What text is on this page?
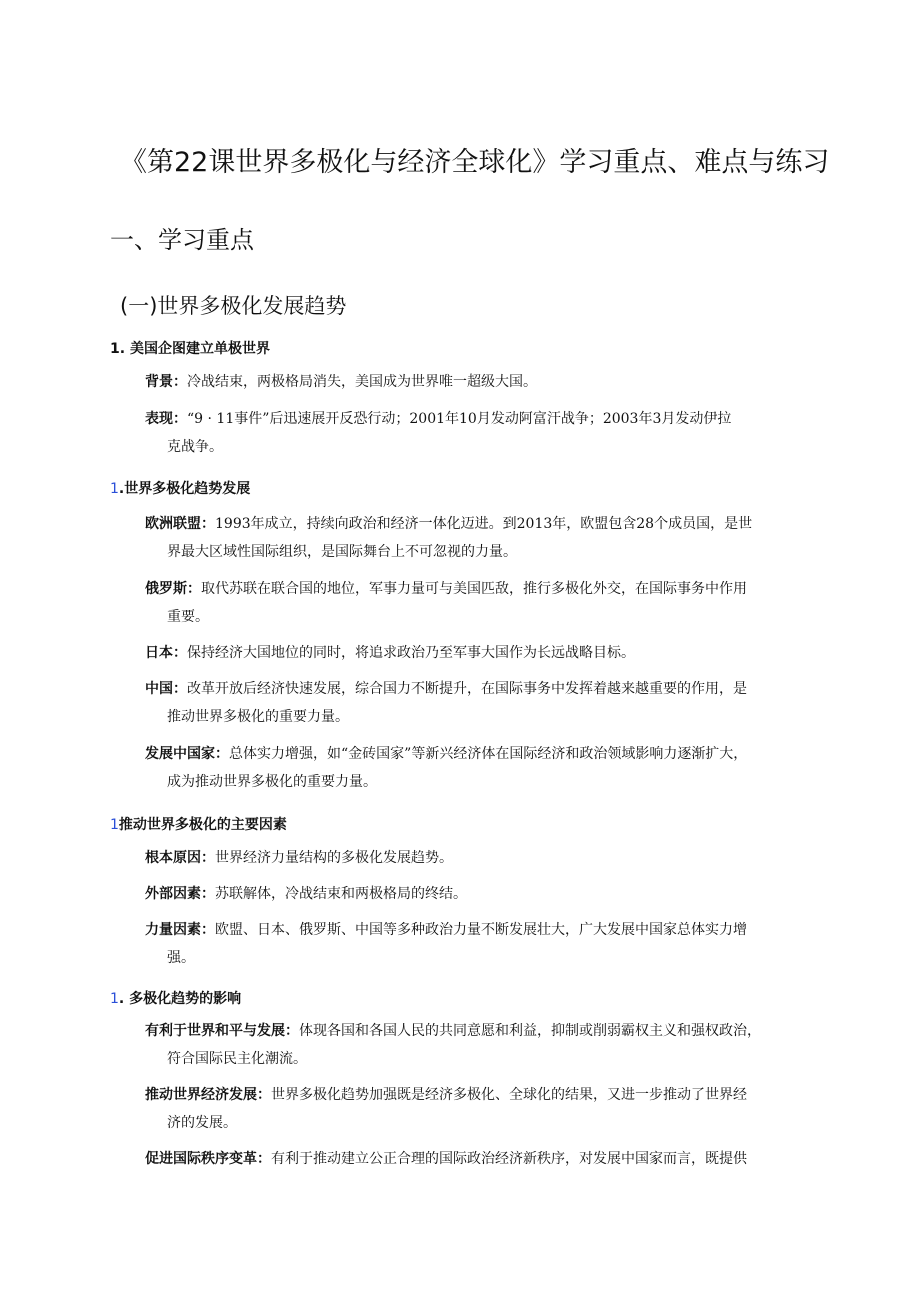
《第22课世界多极化与经济全球化》学习重点、难点与练习
一、学习重点
(一)世界多极化发展趋势
1. 美国企图建立单极世界
背景：冷战结束，两极格局消失，美国成为世界唯一超级大国。
表现：“9 · 11事件”后迅速展开反恐行动；2001年10月发动阿富汗战争；2003年3月发动伊拉
克战争。
1.世界多极化趋势发展
欧洲联盟：1993年成立，持续向政治和经济一体化迈进。到2013年，欧盟包含28个成员国，是世
界最大区域性国际组织，是国际舞台上不可忽视的力量。
俄罗斯：取代苏联在联合国的地位，军事力量可与美国匹敌，推行多极化外交，在国际事务中作用
重要。
日本：保持经济大国地位的同时，将追求政治乃至军事大国作为长远战略目标。
中国：改革开放后经济快速发展，综合国力不断提升，在国际事务中发挥着越来越重要的作用，是
推动世界多极化的重要力量。
发展中国家：总体实力增强，如“金砖国家”等新兴经济体在国际经济和政治领域影响力逐渐扩大，
成为推动世界多极化的重要力量。
1推动世界多极化的主要因素
根本原因：世界经济力量结构的多极化发展趋势。
外部因素：苏联解体，冷战结束和两极格局的终结。
力量因素：欧盟、日本、俄罗斯、中国等多种政治力量不断发展壮大，广大发展中国家总体实力增
强。
1. 多极化趋势的影响
有利于世界和平与发展：体现各国和各国人民的共同意愿和利益，抑制或削弱霸权主义和强权政治，
符合国际民主化潮流。
推动世界经济发展：世界多极化趋势加强既是经济多极化、全球化的结果，又进一步推动了世界经
济的发展。
促进国际秩序变革：有利于推动建立公正合理的国际政治经济新秩序，对发展中国家而言，既提供
